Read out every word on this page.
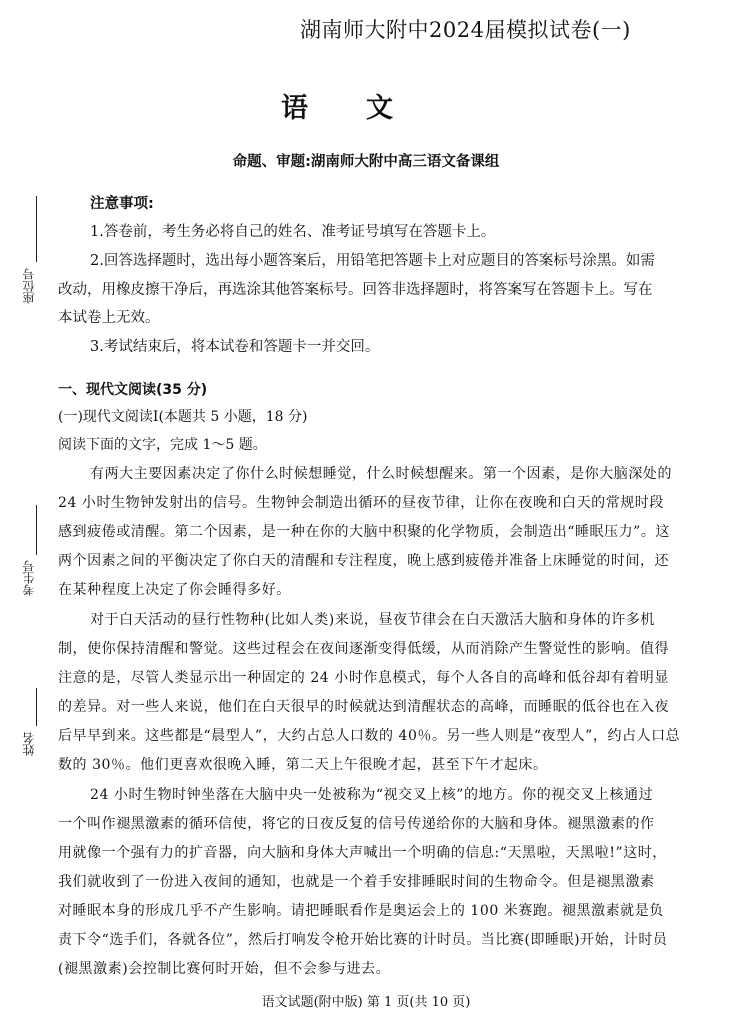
湖南师大附中2024届模拟试卷(一)
语文
命题、审题:湖南师大附中高三语文备课组
座位号
考生号
姓名
注意事项:
1.答卷前，考生务必将自己的姓名、准考证号填写在答题卡上。
2.回答选择题时，选出每小题答案后，用铅笔把答题卡上对应题目的答案标号涂黑。如需
改动，用橡皮擦干净后，再选涂其他答案标号。回答非选择题时，将答案写在答题卡上。写在
本试卷上无效。
3.考试结束后，将本试卷和答题卡一并交回。
一、现代文阅读(35 分)
(一)现代文阅读Ⅰ(本题共 5 小题，18 分)
阅读下面的文字，完成 1～5 题。
有两大主要因素决定了你什么时候想睡觉，什么时候想醒来。第一个因素，是你大脑深处的
24 小时生物钟发射出的信号。生物钟会制造出循环的昼夜节律，让你在夜晚和白天的常规时段
感到疲倦或清醒。第二个因素，是一种在你的大脑中积聚的化学物质，会制造出“睡眠压力”。这
两个因素之间的平衡决定了你白天的清醒和专注程度，晚上感到疲倦并准备上床睡觉的时间，还
在某种程度上决定了你会睡得多好。
对于白天活动的昼行性物种(比如人类)来说，昼夜节律会在白天激活大脑和身体的许多机
制，使你保持清醒和警觉。这些过程会在夜间逐渐变得低缓，从而消除产生警觉性的影响。值得
注意的是，尽管人类显示出一种固定的 24 小时作息模式，每个人各自的高峰和低谷却有着明显
的差异。对一些人来说，他们在白天很早的时候就达到清醒状态的高峰，而睡眠的低谷也在入夜
后早早到来。这些都是“晨型人”，大约占总人口数的 40％。另一些人则是“夜型人”，约占人口总
数的 30％。他们更喜欢很晚入睡，第二天上午很晚才起，甚至下午才起床。
24 小时生物时钟坐落在大脑中央一处被称为“视交叉上核”的地方。你的视交叉上核通过
一个叫作褪黑激素的循环信使，将它的日夜反复的信号传递给你的大脑和身体。褪黑激素的作
用就像一个强有力的扩音器，向大脑和身体大声喊出一个明确的信息:“天黑啦，天黑啦!”这时，
我们就收到了一份进入夜间的通知，也就是一个着手安排睡眠时间的生物命令。但是褪黑激素
对睡眠本身的形成几乎不产生影响。请把睡眠看作是奥运会上的 100 米赛跑。褪黑激素就是负
责下令“选手们，各就各位”，然后打响发令枪开始比赛的计时员。当比赛(即睡眠)开始，计时员
(褪黑激素)会控制比赛何时开始，但不会参与进去。
语文试题(附中版) 第 1 页(共 10 页)
